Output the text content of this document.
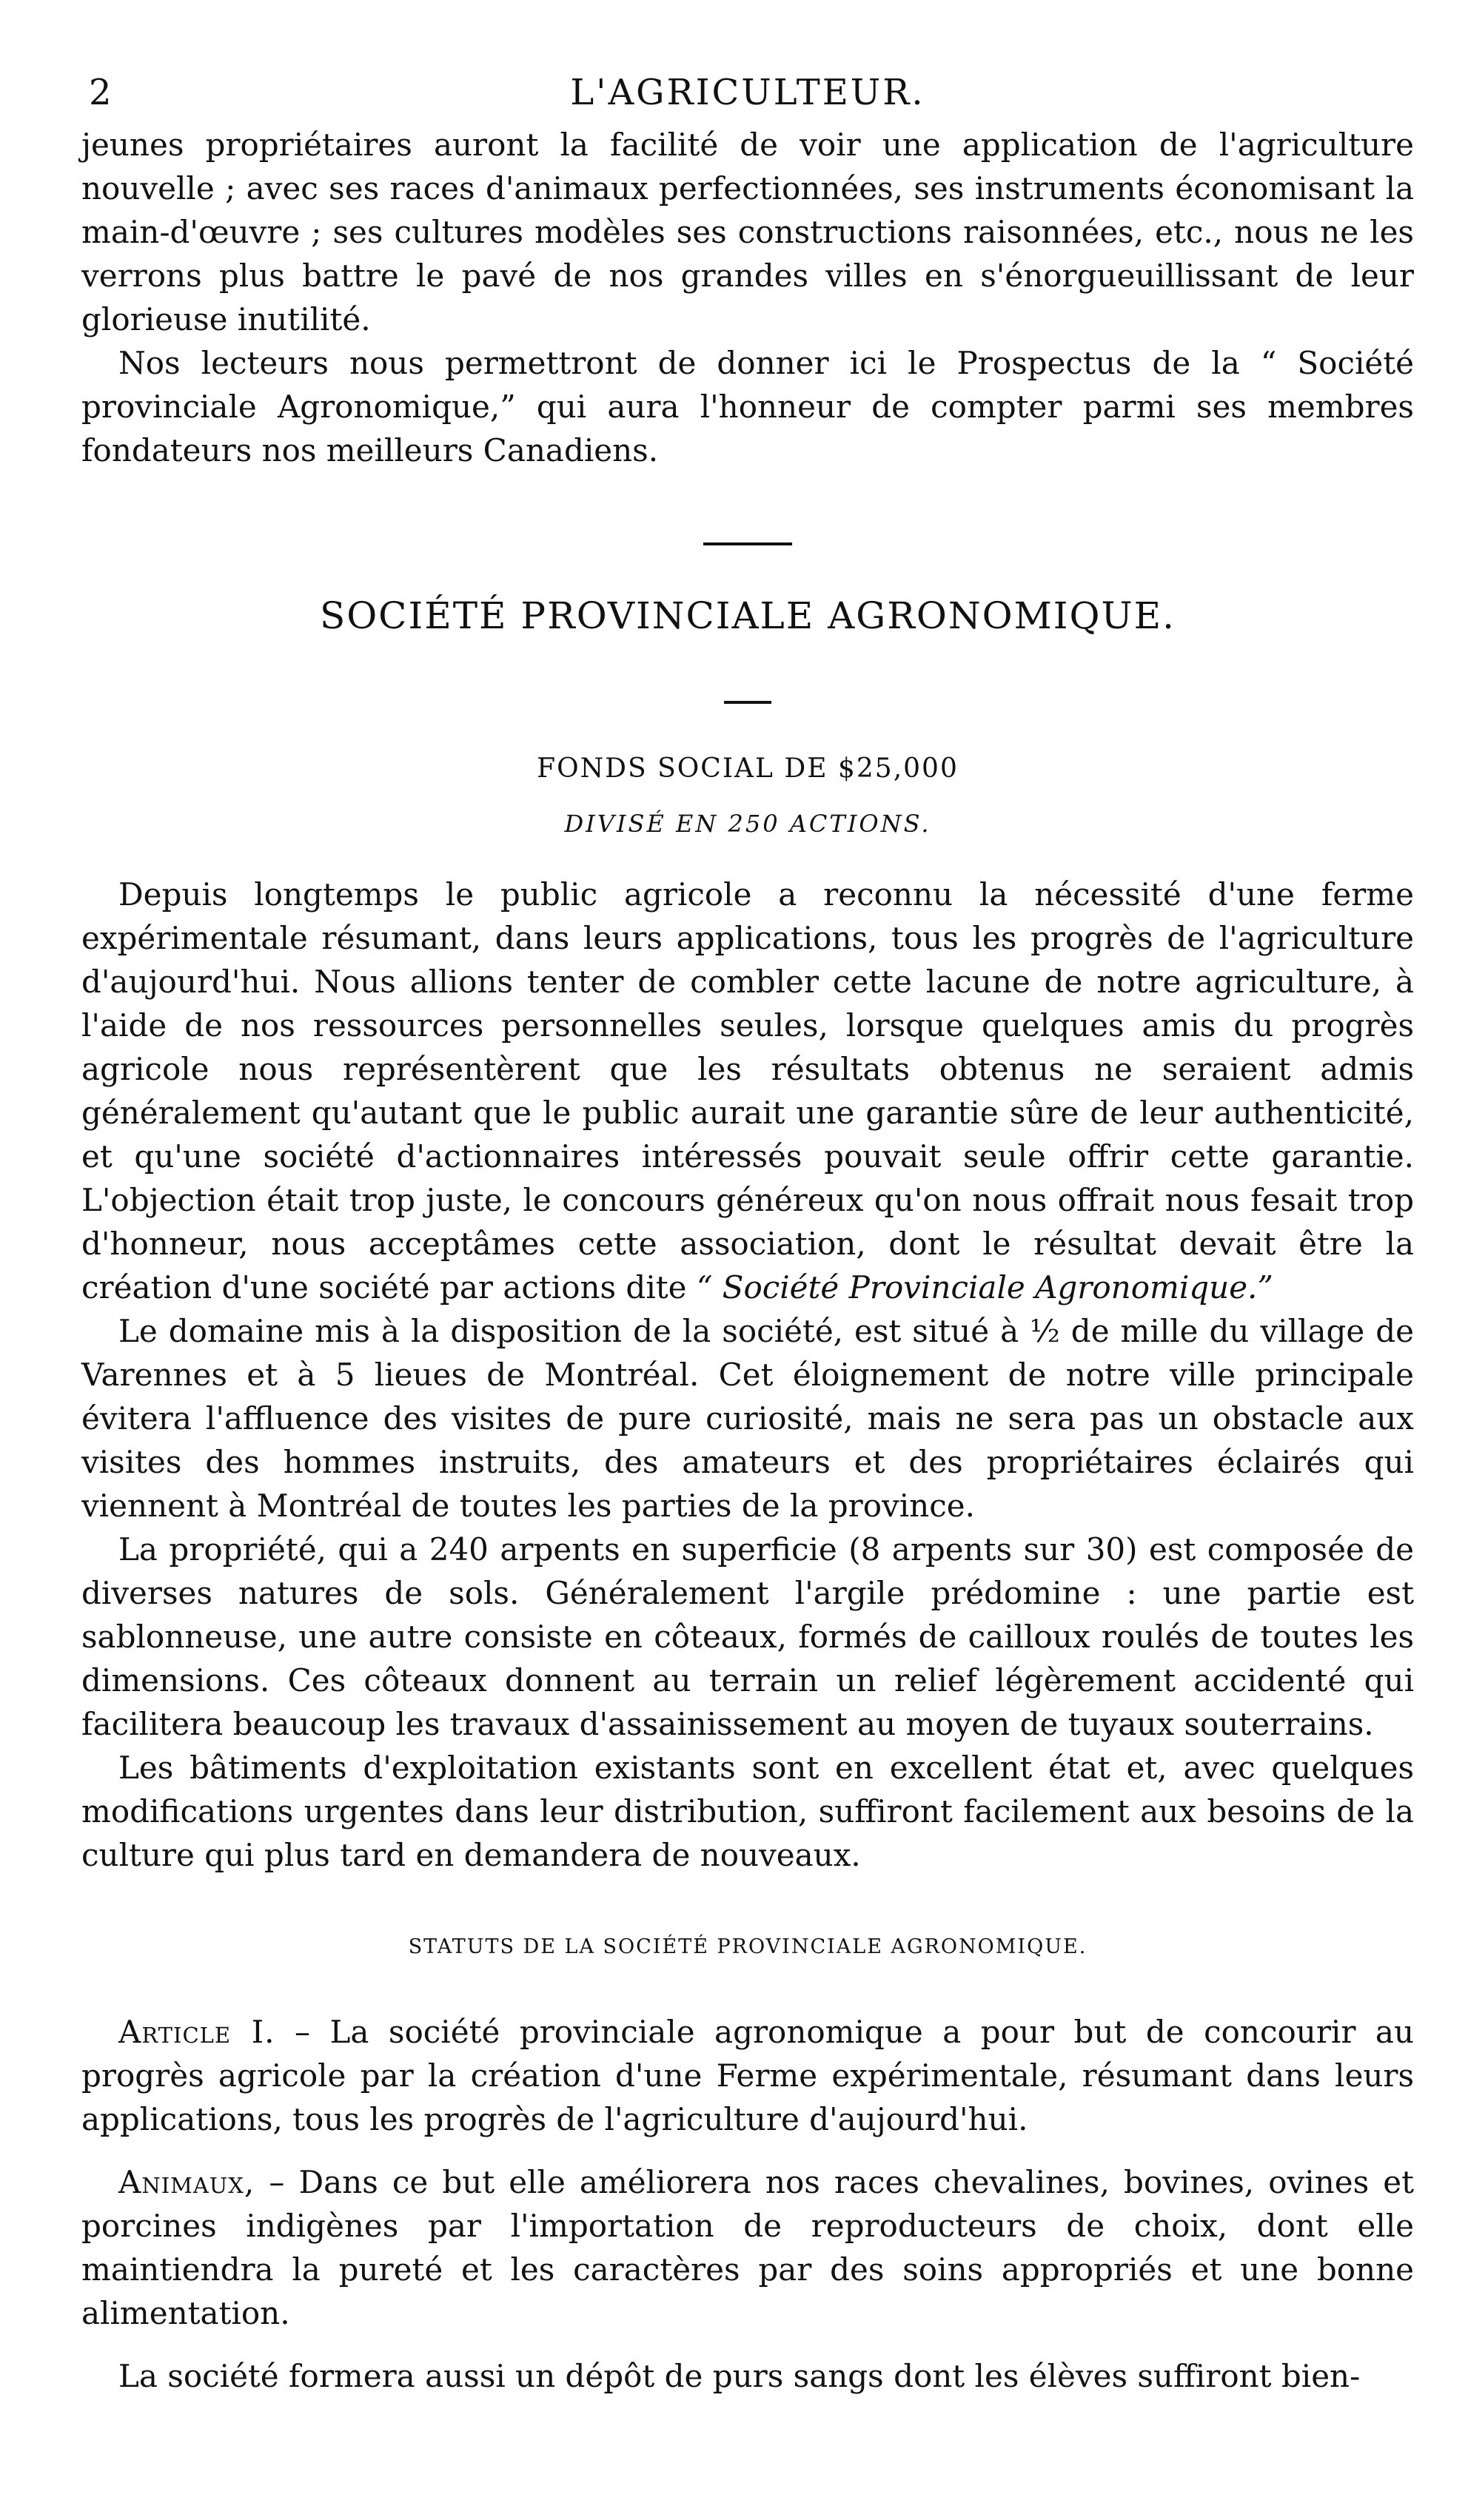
2	L'AGRICULTEUR.

jeunes propriétaires auront la facilité de voir une application de l'agriculture nouvelle ; avec ses races d'animaux perfectionnées, ses instruments économisant la main-d'œuvre ; ses cultures modèles ses constructions raisonnées, etc., nous ne les verrons plus battre le pavé de nos grandes villes en s'énorgueuillissant de leur glorieuse inutilité.

Nos lecteurs nous permettront de donner ici le Prospectus de la “ Société provinciale Agronomique,” qui aura l'honneur de compter parmi ses membres fondateurs nos meilleurs Canadiens.

SOCIÉTÉ PROVINCIALE AGRONOMIQUE.
FONDS SOCIAL DE $25,000
DIVISÉ EN 250 ACTIONS.

Depuis longtemps le public agricole a reconnu la nécessité d'une ferme expérimentale résumant, dans leurs applications, tous les progrès de l'agriculture d'aujourd'hui. Nous allions tenter de combler cette lacune de notre agriculture, à l'aide de nos ressources personnelles seules, lorsque quelques amis du progrès agricole nous représentèrent que les résultats obtenus ne seraient admis généralement qu'autant que le public aurait une garantie sûre de leur authenticité, et qu'une société d'actionnaires intéressés pouvait seule offrir cette garantie. L'objection était trop juste, le concours généreux qu'on nous offrait nous fesait trop d'honneur, nous acceptâmes cette association, dont le résultat devait être la création d'une société par actions dite “ Société Provinciale Agronomique.”

Le domaine mis à la disposition de la société, est situé à ½ de mille du village de Varennes et à 5 lieues de Montréal. Cet éloignement de notre ville principale évitera l'affluence des visites de pure curiosité, mais ne sera pas un obstacle aux visites des hommes instruits, des amateurs et des propriétaires éclairés qui viennent à Montréal de toutes les parties de la province.

La propriété, qui a 240 arpents en superficie (8 arpents sur 30) est composée de diverses natures de sols. Généralement l'argile prédomine : une partie est sablonneuse, une autre consiste en côteaux, formés de cailloux roulés de toutes les dimensions. Ces côteaux donnent au terrain un relief légèrement accidenté qui facilitera beaucoup les travaux d'assainissement au moyen de tuyaux souterrains.

Les bâtiments d'exploitation existants sont en excellent état et, avec quelques modifications urgentes dans leur distribution, suffiront facilement aux besoins de la culture qui plus tard en demandera de nouveaux.

STATUTS DE LA SOCIÉTÉ PROVINCIALE AGRONOMIQUE.

Article I. – La société provinciale agronomique a pour but de concourir au progrès agricole par la création d'une Ferme expérimentale, résumant dans leurs applications, tous les progrès de l'agriculture d'aujourd'hui.

Animaux, – Dans ce but elle améliorera nos races chevalines, bovines, ovines et porcines indigènes par l'importation de reproducteurs de choix, dont elle maintiendra la pureté et les caractères par des soins appropriés et une bonne alimentation.

La société formera aussi un dépôt de purs sangs dont les élèves suffiront bien-
